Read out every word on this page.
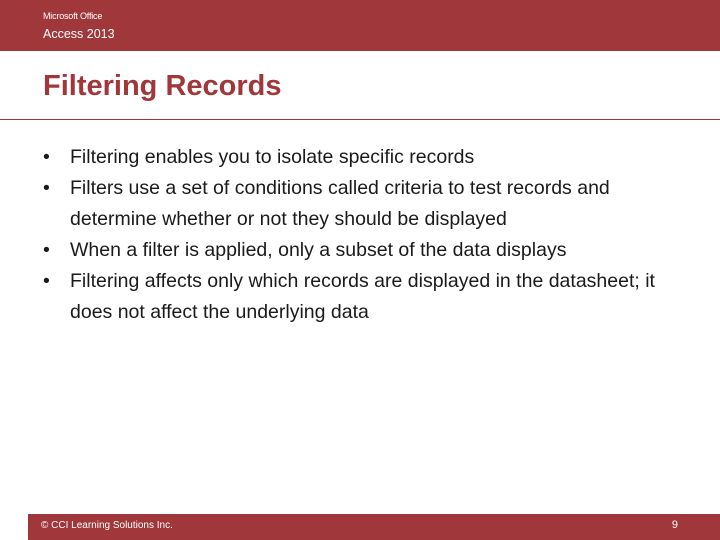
Microsoft Office
Access 2013
Filtering Records
• Filtering enables you to isolate specific records
• Filters use a set of conditions called criteria to test records and determine whether or not they should be displayed
• When a filter is applied, only a subset of the data displays
• Filtering affects only which records are displayed in the datasheet; it does not affect the underlying data
© CCI Learning Solutions Inc.	9
